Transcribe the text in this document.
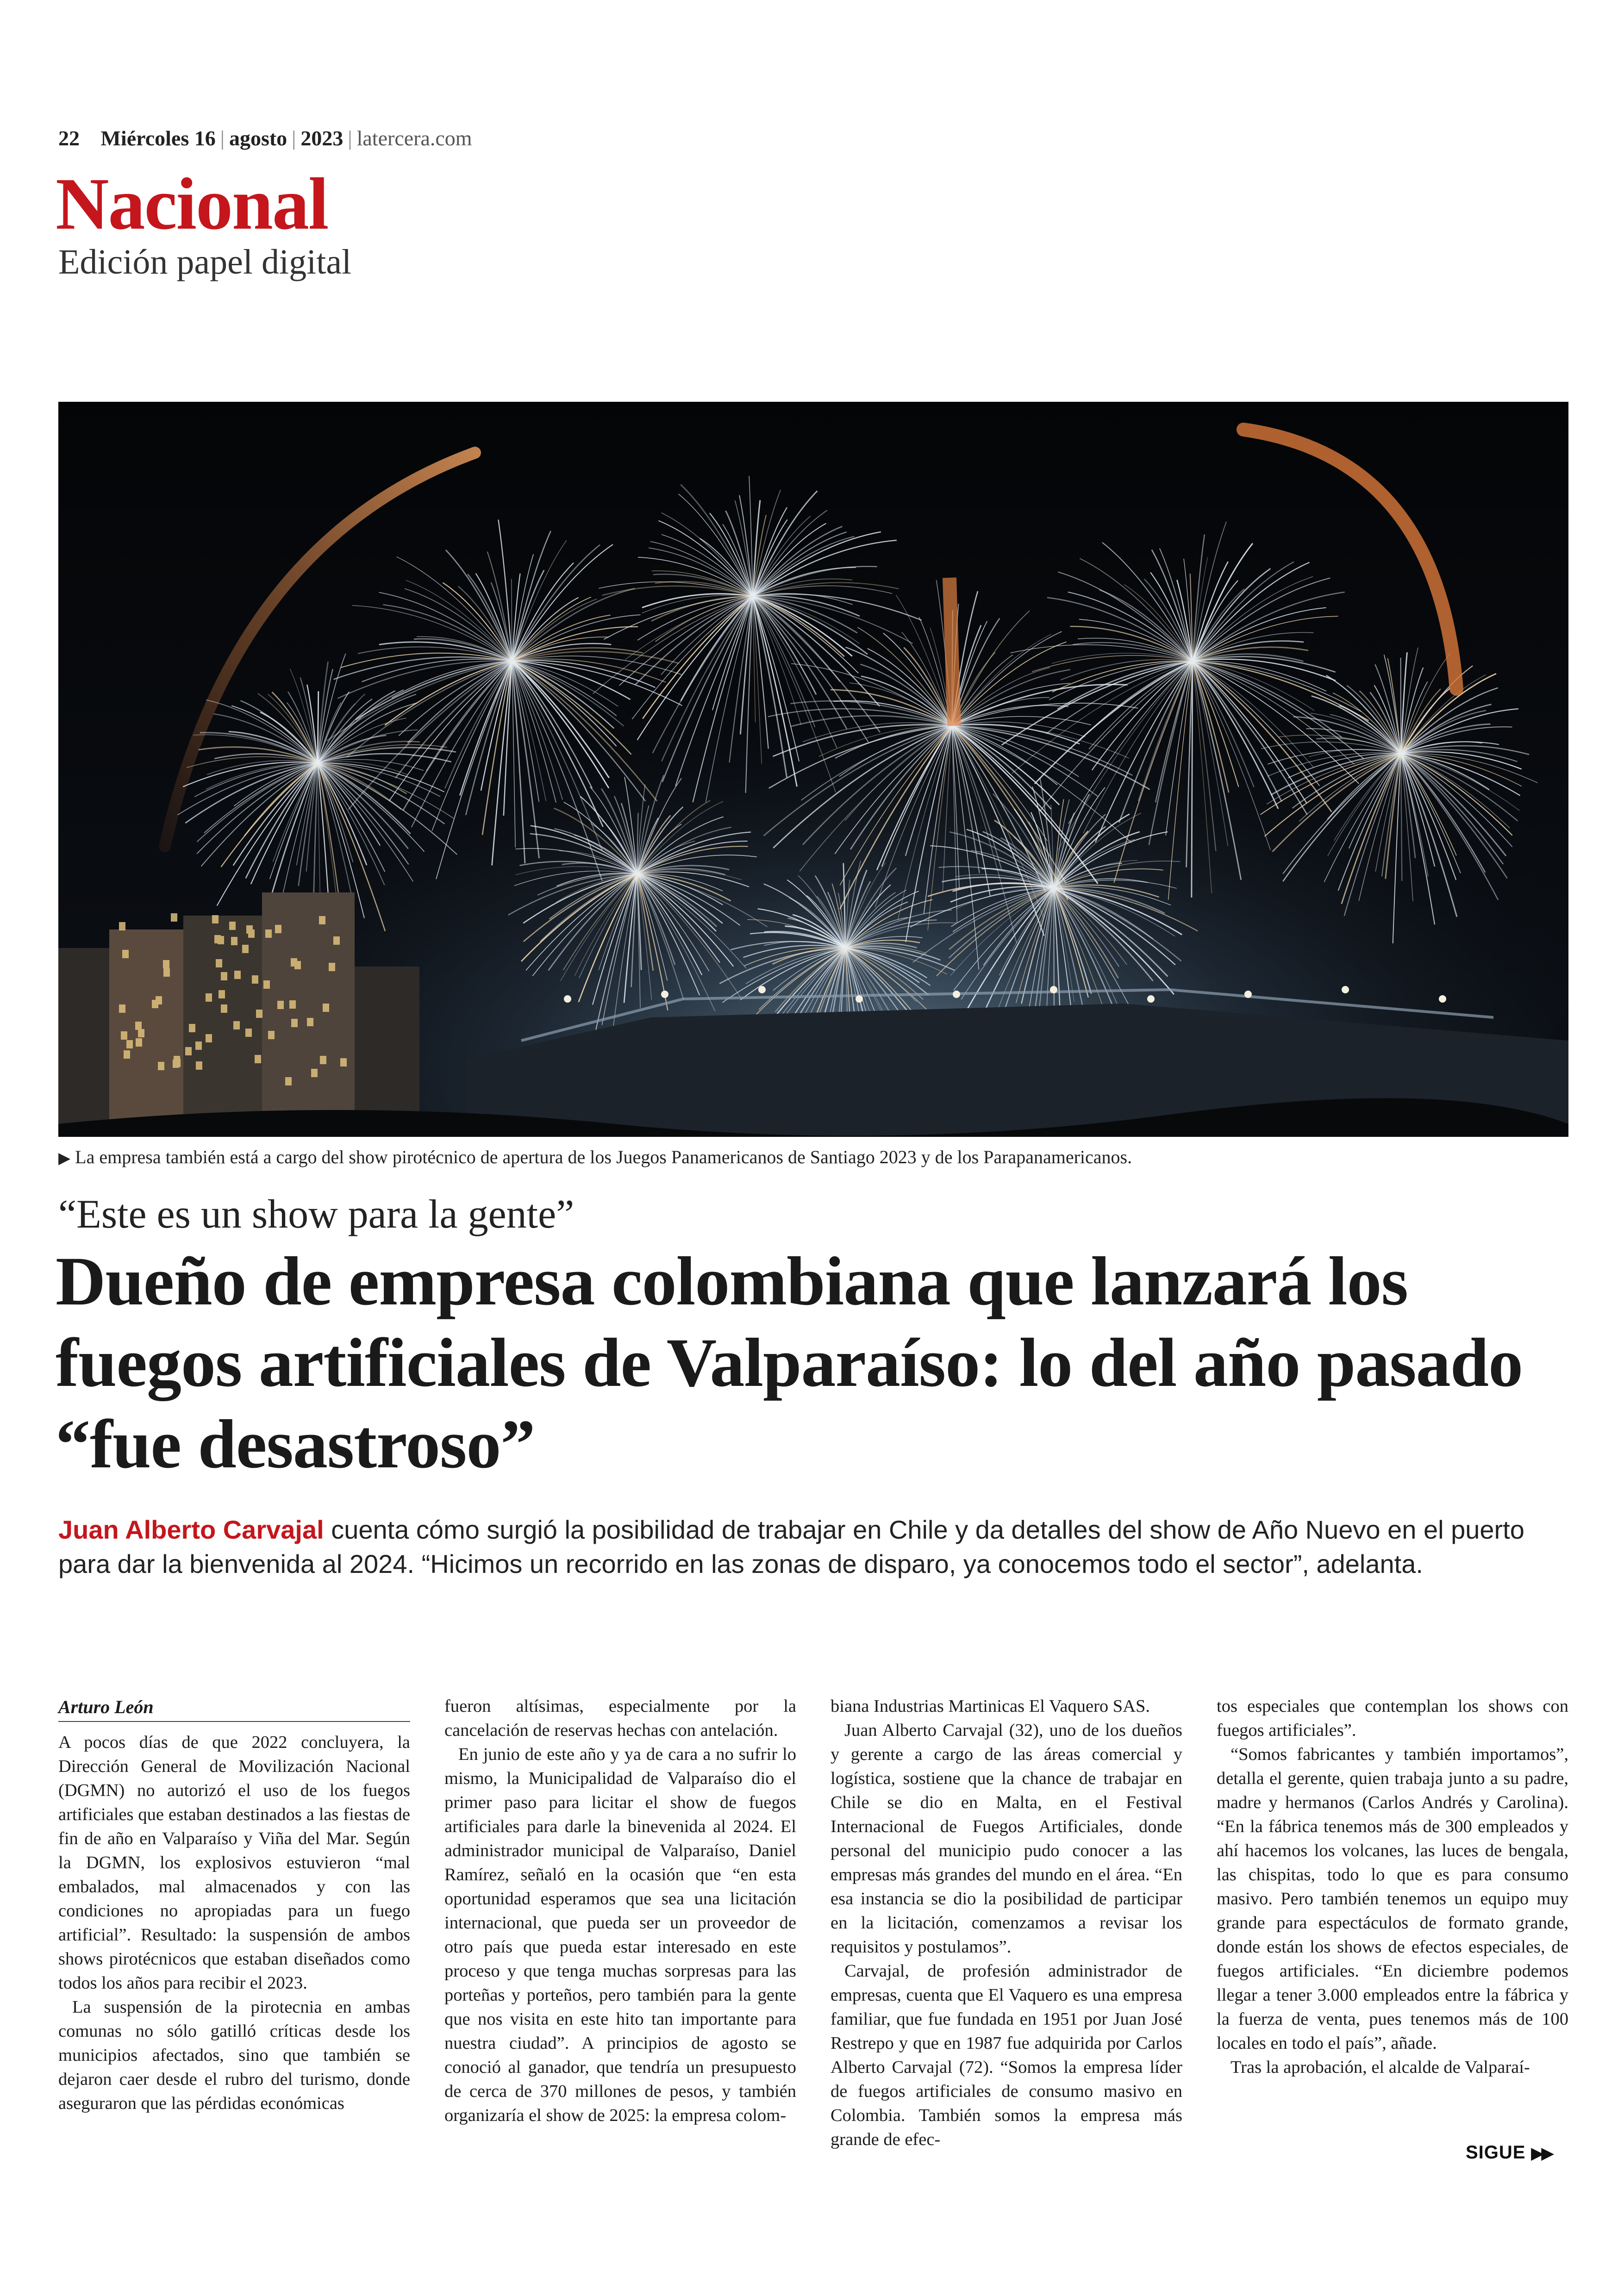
22 Miércoles 16 | agosto | 2023 | latercera.com
Nacional
Edición papel digital
▶ La empresa también está a cargo del show pirotécnico de apertura de los Juegos Panamericanos de Santiago 2023 y de los Parapanamericanos.
“Este es un show para la gente”
Dueño de empresa colombiana que lanzará los fuegos artificiales de Valparaíso: lo del año pasado “fue desastroso”
Juan Alberto Carvajal cuenta cómo surgió la posibilidad de trabajar en Chile y da detalles del show de Año Nuevo en el puerto para dar la bienvenida al 2024. “Hicimos un recorrido en las zonas de disparo, ya conocemos todo el sector”, adelanta.
Arturo León

A pocos días de que 2022 concluyera, la Dirección General de Movilización Nacional (DGMN) no autorizó el uso de los fuegos artificiales que estaban destinados a las fiestas de fin de año en Valparaíso y Viña del Mar. Según la DGMN, los explosivos estuvieron “mal embalados, mal almacenados y con las condiciones no apropiadas para un fuego artificial”. Resultado: la suspensión de ambos shows pirotécnicos que estaban diseñados como todos los años para recibir el 2023.

La suspensión de la pirotecnia en ambas comunas no sólo gatilló críticas desde los municipios afectados, sino que también se dejaron caer desde el rubro del turismo, donde aseguraron que las pérdidas económicas

fueron altísimas, especialmente por la cancelación de reservas hechas con antelación.

En junio de este año y ya de cara a no sufrir lo mismo, la Municipalidad de Valparaíso dio el primer paso para licitar el show de fuegos artificiales para darle la binevenida al 2024. El administrador municipal de Valparaíso, Daniel Ramírez, señaló en la ocasión que “en esta oportunidad esperamos que sea una licitación internacional, que pueda ser un proveedor de otro país que pueda estar interesado en este proceso y que tenga muchas sorpresas para las porteñas y porteños, pero también para la gente que nos visita en este hito tan importante para nuestra ciudad”. A principios de agosto se conoció al ganador, que tendría un presupuesto de cerca de 370 millones de pesos, y también organizaría el show de 2025: la empresa colom-

biana Industrias Martinicas El Vaquero SAS.

Juan Alberto Carvajal (32), uno de los dueños y gerente a cargo de las áreas comercial y logística, sostiene que la chance de trabajar en Chile se dio en Malta, en el Festival Internacional de Fuegos Artificiales, donde personal del municipio pudo conocer a las empresas más grandes del mundo en el área. “En esa instancia se dio la posibilidad de participar en la licitación, comenzamos a revisar los requisitos y postulamos”.

Carvajal, de profesión administrador de empresas, cuenta que El Vaquero es una empresa familiar, que fue fundada en 1951 por Juan José Restrepo y que en 1987 fue adquirida por Carlos Alberto Carvajal (72). “Somos la empresa líder de fuegos artificiales de consumo masivo en Colombia. También somos la empresa más grande de efec-

tos especiales que contemplan los shows con fuegos artificiales”.

“Somos fabricantes y también importamos”, detalla el gerente, quien trabaja junto a su padre, madre y hermanos (Carlos Andrés y Carolina). “En la fábrica tenemos más de 300 empleados y ahí hacemos los volcanes, las luces de bengala, las chispitas, todo lo que es para consumo masivo. Pero también tenemos un equipo muy grande para espectáculos de formato grande, donde están los shows de efectos especiales, de fuegos artificiales. “En diciembre podemos llegar a tener 3.000 empleados entre la fábrica y la fuerza de venta, pues tenemos más de 100 locales en todo el país”, añade.

Tras la aprobación, el alcalde de Valparaí-

SIGUE ▶▶
